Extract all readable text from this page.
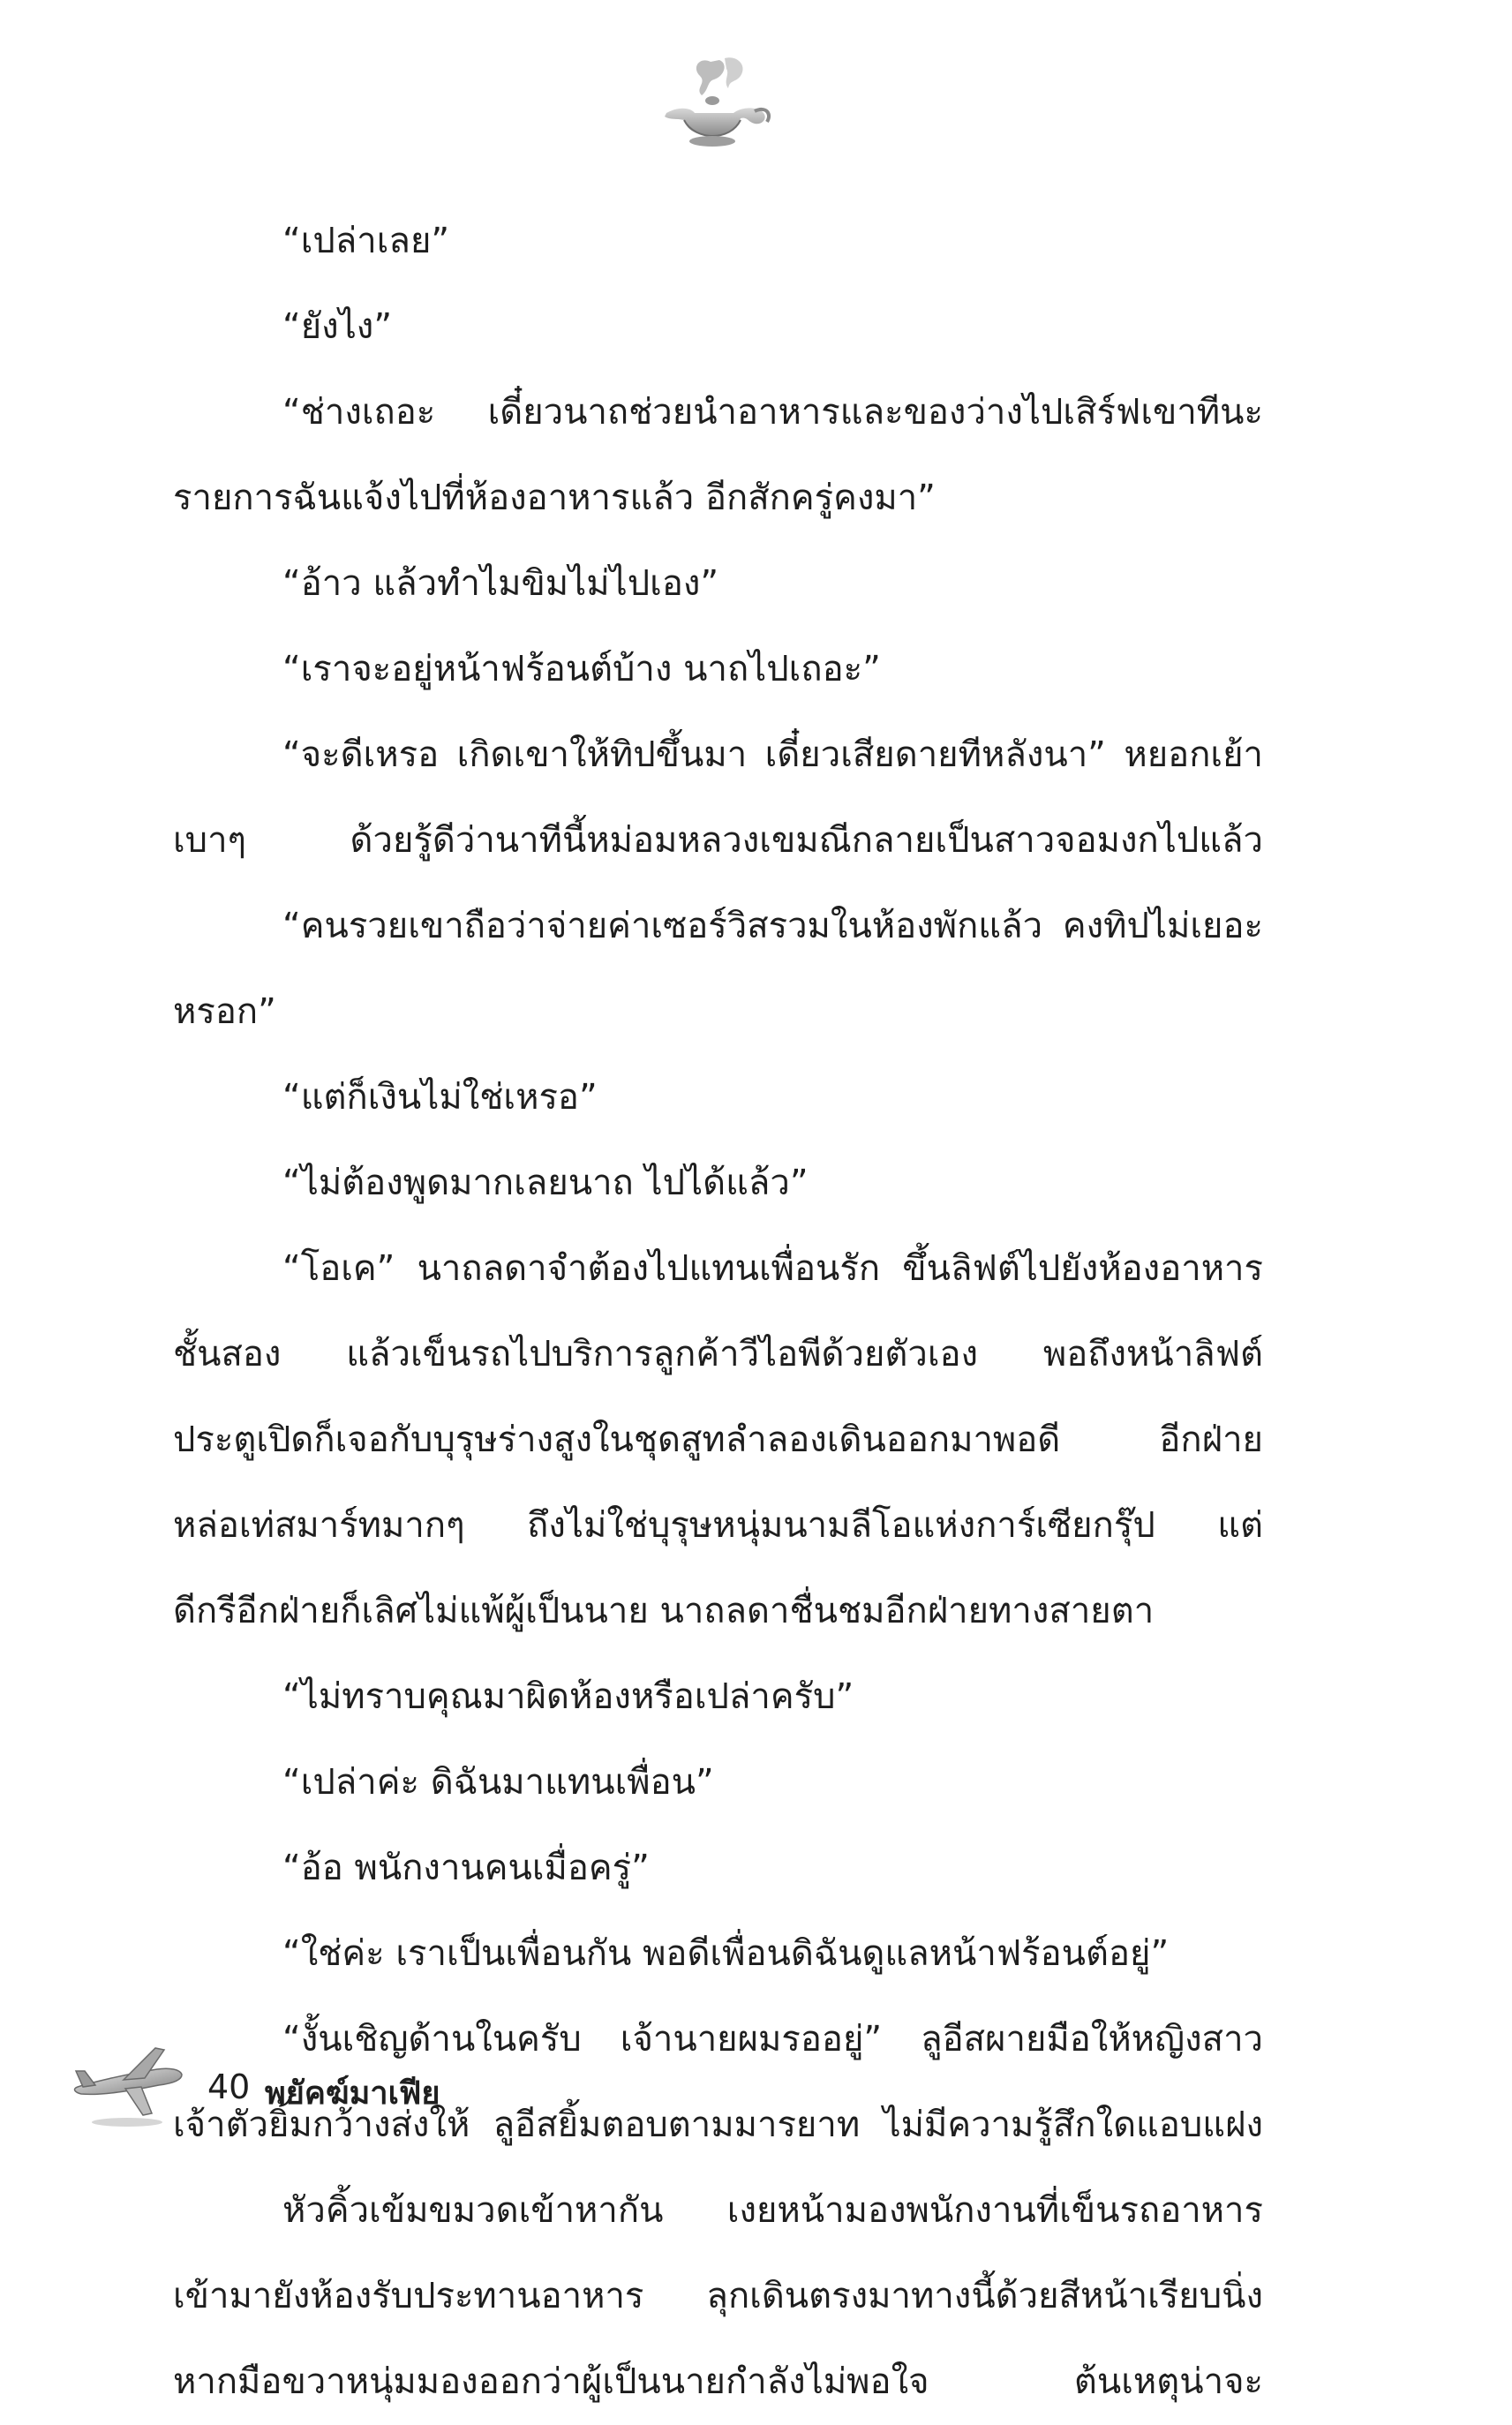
“เปล่าเลย”
“ยังไง”
“ช่างเถอะ เดี๋ยวนาถช่วยนำอาหารและของว่างไปเสิร์ฟเขาทีนะ
รายการฉันแจ้งไปที่ห้องอาหารแล้ว อีกสักครู่คงมา”
“อ้าว แล้วทำไมขิมไม่ไปเอง”
“เราจะอยู่หน้าฟร้อนต์บ้าง นาถไปเถอะ”
“จะดีเหรอ เกิดเขาให้ทิปขึ้นมา เดี๋ยวเสียดายทีหลังนา” หยอกเย้า
เบาๆ ด้วยรู้ดีว่านาทีนี้หม่อมหลวงเขมณีกลายเป็นสาวจอมงกไปแล้ว
“คนรวยเขาถือว่าจ่ายค่าเซอร์วิสรวมในห้องพักแล้ว คงทิปไม่เยอะ
หรอก”
“แต่ก็เงินไม่ใช่เหรอ”
“ไม่ต้องพูดมากเลยนาถ ไปได้แล้ว”
“โอเค” นาถลดาจำต้องไปแทนเพื่อนรัก ขึ้นลิฟต์ไปยังห้องอาหาร
ชั้นสอง แล้วเข็นรถไปบริการลูกค้าวีไอพีด้วยตัวเอง พอถึงหน้าลิฟต์
ประตูเปิดก็เจอกับบุรุษร่างสูงในชุดสูทลำลองเดินออกมาพอดี อีกฝ่าย
หล่อเท่สมาร์ทมากๆ ถึงไม่ใช่บุรุษหนุ่มนามลีโอแห่งการ์เซียกรุ๊ป แต่
ดีกรีอีกฝ่ายก็เลิศไม่แพ้ผู้เป็นนาย นาถลดาชื่นชมอีกฝ่ายทางสายตา
“ไม่ทราบคุณมาผิดห้องหรือเปล่าครับ”
“เปล่าค่ะ ดิฉันมาแทนเพื่อน”
“อ้อ พนักงานคนเมื่อครู่”
“ใช่ค่ะ เราเป็นเพื่อนกัน พอดีเพื่อนดิฉันดูแลหน้าฟร้อนต์อยู่”
“งั้นเชิญด้านในครับ เจ้านายผมรออยู่” ลูอีสผายมือให้หญิงสาว
เจ้าตัวยิ้มกว้างส่งให้ ลูอีสยิ้มตอบตามมารยาท ไม่มีความรู้สึกใดแอบแฝง
หัวคิ้วเข้มขมวดเข้าหากัน เงยหน้ามองพนักงานที่เข็นรถอาหาร
เข้ามายังห้องรับประทานอาหาร ลุกเดินตรงมาทางนี้ด้วยสีหน้าเรียบนิ่ง
หากมือขวาหนุ่มมองออกว่าผู้เป็นนายกำลังไม่พอใจ ต้นเหตุน่าจะ
40 พยัคฆ์มาเฟีย
